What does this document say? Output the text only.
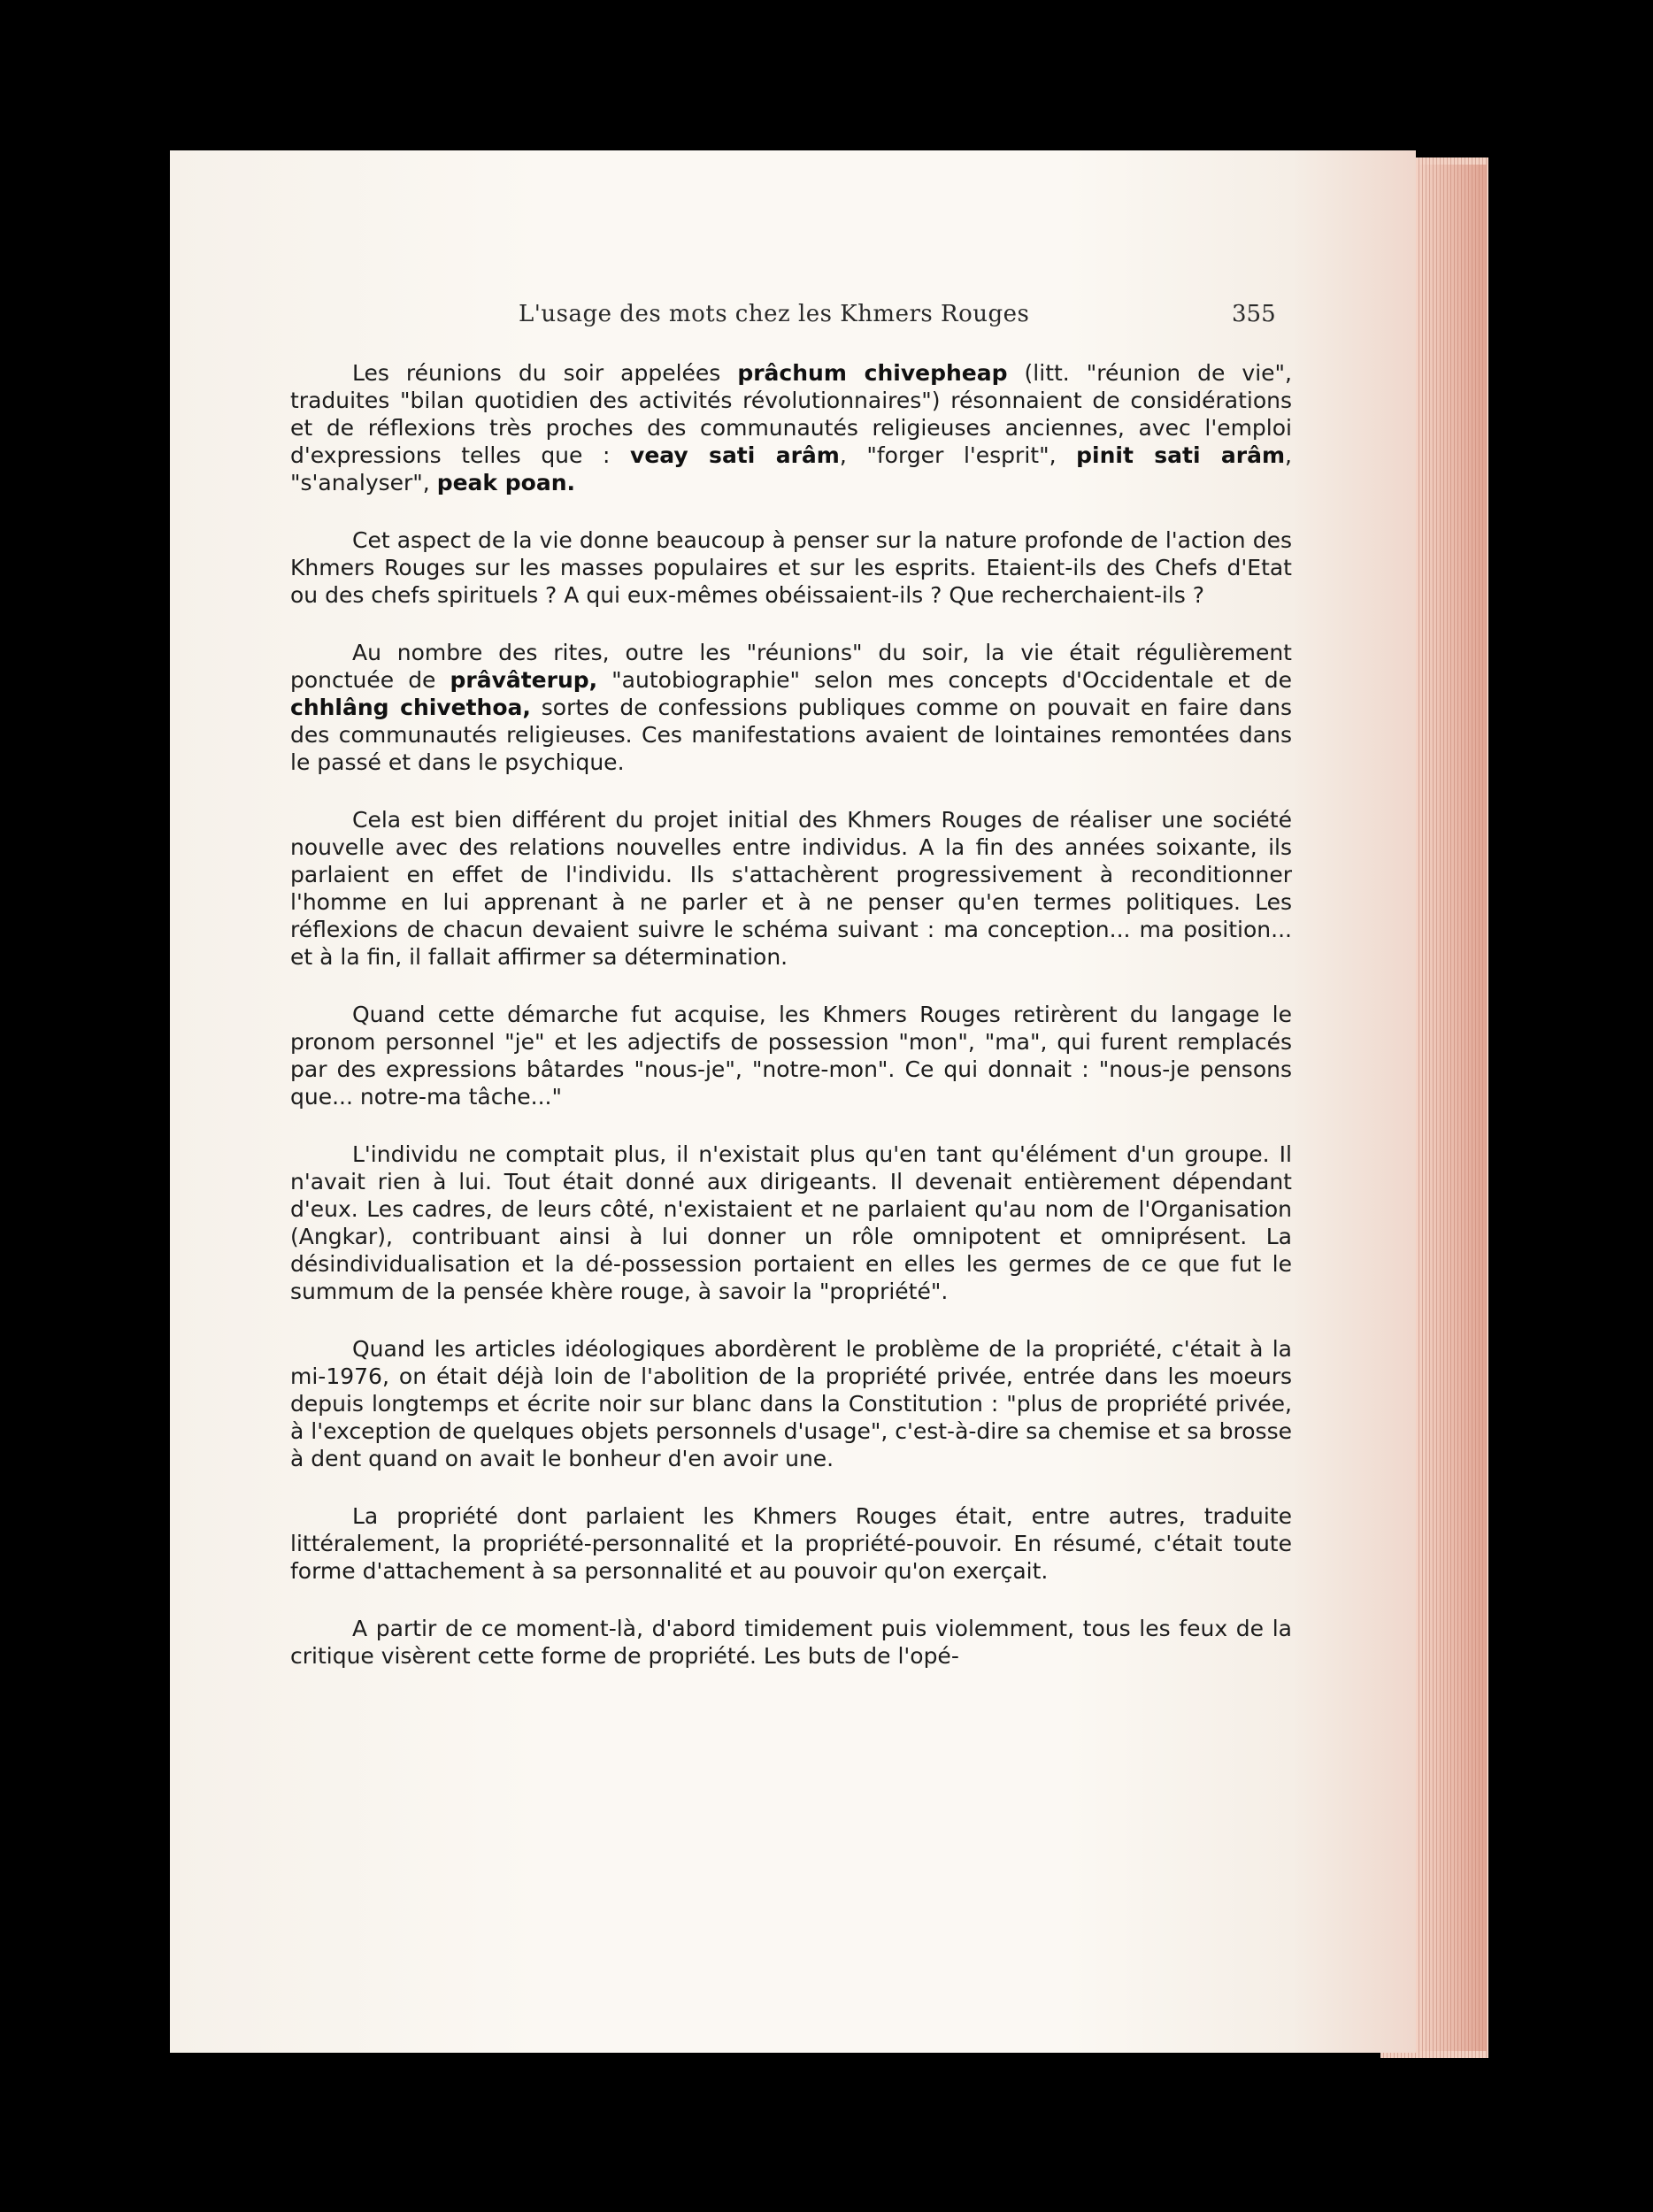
L'usage des mots chez les Khmers Rouges	355

Les réunions du soir appelées prâchum chivepheap (litt. "réunion de vie", traduites "bilan quotidien des activités révolutionnaires") résonnaient de considérations et de réflexions très proches des communautés religieuses anciennes, avec l'emploi d'expressions telles que : veay sati arâm, "forger l'esprit", pinit sati arâm, "s'analyser", peak poan.

Cet aspect de la vie donne beaucoup à penser sur la nature profonde de l'action des Khmers Rouges sur les masses populaires et sur les esprits. Etaient-ils des Chefs d'Etat ou des chefs spirituels ? A qui eux-mêmes obéissaient-ils ? Que recherchaient-ils ?

Au nombre des rites, outre les "réunions" du soir, la vie était régulièrement ponctuée de prâvâterup, "autobiographie" selon mes concepts d'Occidentale et de chhlâng chivethoa, sortes de confessions publiques comme on pouvait en faire dans des communautés religieuses. Ces manifestations avaient de lointaines remontées dans le passé et dans le psychique.

Cela est bien différent du projet initial des Khmers Rouges de réaliser une société nouvelle avec des relations nouvelles entre individus. A la fin des années soixante, ils parlaient en effet de l'individu. Ils s'attachèrent progressivement à reconditionner l'homme en lui apprenant à ne parler et à ne penser qu'en termes politiques. Les réflexions de chacun devaient suivre le schéma suivant : ma conception... ma position... et à la fin, il fallait affirmer sa détermination.

Quand cette démarche fut acquise, les Khmers Rouges retirèrent du langage le pronom personnel "je" et les adjectifs de possession "mon", "ma", qui furent remplacés par des expressions bâtardes "nous-je", "notre-mon". Ce qui donnait : "nous-je pensons que... notre-ma tâche..."

L'individu ne comptait plus, il n'existait plus qu'en tant qu'élément d'un groupe. Il n'avait rien à lui. Tout était donné aux dirigeants. Il devenait entièrement dépendant d'eux. Les cadres, de leurs côté, n'existaient et ne parlaient qu'au nom de l'Organisation (Angkar), contribuant ainsi à lui donner un rôle omnipotent et omniprésent. La désindividualisation et la dé-possession portaient en elles les germes de ce que fut le summum de la pensée khère rouge, à savoir la "propriété".

Quand les articles idéologiques abordèrent le problème de la propriété, c'était à la mi-1976, on était déjà loin de l'abolition de la propriété privée, entrée dans les moeurs depuis longtemps et écrite noir sur blanc dans la Constitution : "plus de propriété privée, à l'exception de quelques objets personnels d'usage", c'est-à-dire sa chemise et sa brosse à dent quand on avait le bonheur d'en avoir une.

La propriété dont parlaient les Khmers Rouges était, entre autres, traduite littéralement, la propriété-personnalité et la propriété-pouvoir. En résumé, c'était toute forme d'attachement à sa personnalité et au pouvoir qu'on exerçait.

A partir de ce moment-là, d'abord timidement puis violemment, tous les feux de la critique visèrent cette forme de propriété. Les buts de l'opé-
